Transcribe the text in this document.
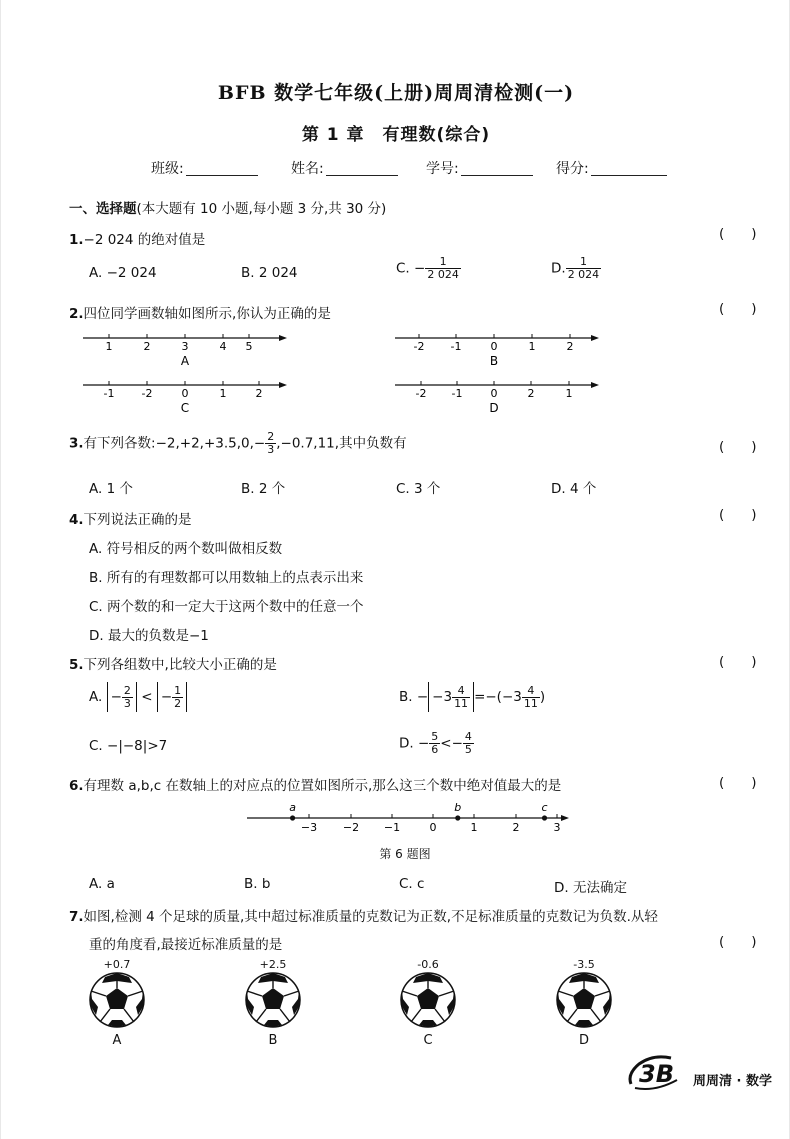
BFB 数学七年级(上册)周周清检测(一)
第 1 章　有理数(综合)
班级:	姓名:	学号:	得分:
一、选择题(本大题有 10 小题,每小题 3 分,共 30 分)
1.−2 024 的绝对值是	(　　)
A. −2 024	B. 2 024	C. − $\frac{1}{2 024}$	D. $\frac{1}{2 024}$
2.四位同学画数轴如图所示,你认为正确的是	(　　)
1	2	3	4 5
A
-2 -1	0	1	2
B
-1 -2	0	1	2
C
-2 -1	0	2	1
D
3.有下列各数:−2,+2,+3.5,0,− $\frac{2}{3} ,-0.7,11$,其中负数有	(　　)
A. 1 个	B. 2 个	C. 3 个	D. 4 个
4.下列说法正确的是	(　　)
A. 符号相反的两个数叫做相反数
B. 所有的有理数都可以用数轴上的点表示出来
C. 两个数的和一定大于这两个数中的任意一个
D. 最大的负数是−1
5.下列各组数中,比较大小正确的是	(　　)
A. − $\frac{2}{3}$ < − $\frac{1}{2}$	B. − $-3 \frac{4}{11} =-(-3 \frac{4}{11}$ )
C. −|−8|>7	D. − $\frac{5}{6} <- \frac{4}{5}$
6.有理数 a,b,c 在数轴上的对应点的位置如图所示,那么这三个数中绝对值最大的是	(　　)
−3 −2 −1	0	1	2	3
a	b	c
第 6 题图
A. a	B. b	C. c	D. 无法确定
7.如图,检测 4 个足球的质量,其中超过标准质量的克数记为正数,不足标准质量的克数记为负数.从轻
重的角度看,最接近标准质量的是	(　　)
+0.7
A
+2.5
B
-0.6
C
-3.5
D
3B 周周清 · 数学
